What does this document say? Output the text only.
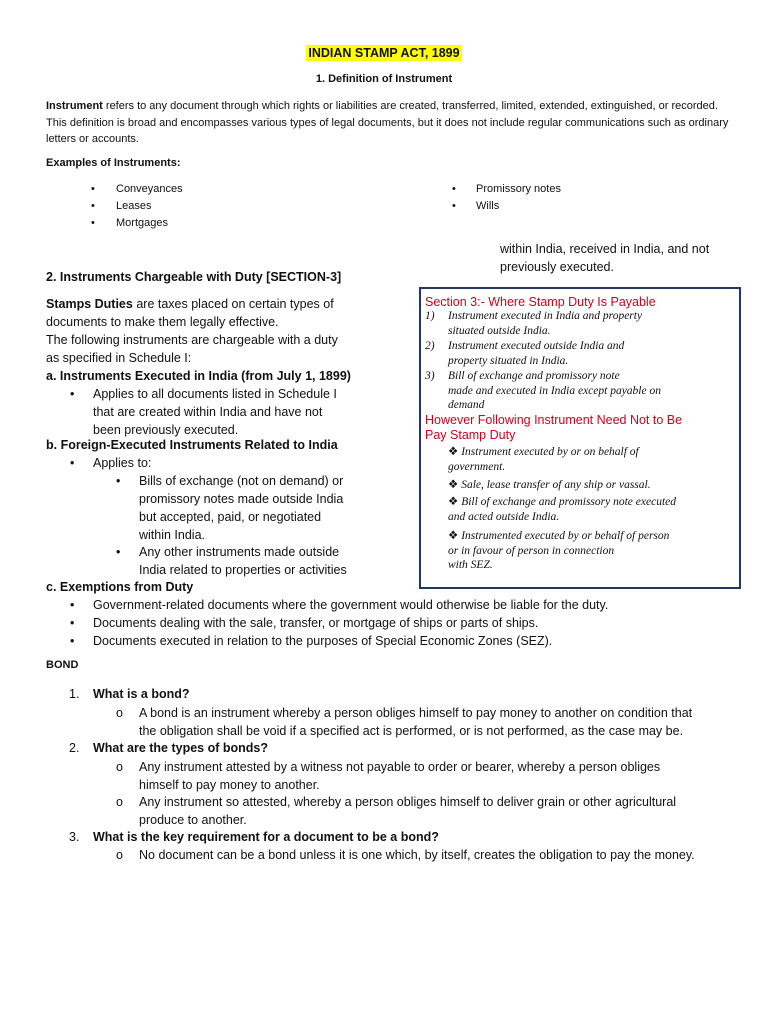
INDIAN STAMP ACT, 1899
1. Definition of Instrument
Instrument refers to any document through which rights or liabilities are created, transferred, limited, extended, extinguished, or recorded. This definition is broad and encompasses various types of legal documents, but it does not include regular communications such as ordinary letters or accounts.
Examples of Instruments:
• Conveyances
• Leases
• Mortgages
• Promissory notes
• Wills
within India, received in India, and not
previously executed.
2. Instruments Chargeable with Duty [SECTION-3]
Stamps Duties are taxes placed on certain types of
documents to make them legally effective.
The following instruments are chargeable with a duty
as specified in Schedule I:
a. Instruments Executed in India (from July 1, 1899)
• Applies to all documents listed in Schedule I
that are created within India and have not
been previously executed.
b. Foreign-Executed Instruments Related to India
• Applies to:
• Bills of exchange (not on demand) or
promissory notes made outside India
but accepted, paid, or negotiated
within India.
• Any other instruments made outside
India related to properties or activities
c. Exemptions from Duty
• Government-related documents where the government would otherwise be liable for the duty.
• Documents dealing with the sale, transfer, or mortgage of ships or parts of ships.
• Documents executed in relation to the purposes of Special Economic Zones (SEZ).
Section 3:- Where Stamp Duty Is Payable
1) Instrument executed in India and property
situated outside India.
2) Instrument executed outside India and
property situated in India.
3) Bill of exchange and promissory note
made and executed in India except payable on
demand
However Following Instrument Need Not to Be
Pay Stamp Duty
❖ Instrument executed by or on behalf of
government.
❖ Sale, lease transfer of any ship or vassal.
❖ Bill of exchange and promissory note executed
and acted outside India.
❖ Instrumented executed by or behalf of person
or in favour of person in connection
with SEZ.
BOND
1. What is a bond?
o A bond is an instrument whereby a person obliges himself to pay money to another on condition that
the obligation shall be void if a specified act is performed, or is not performed, as the case may be.
2. What are the types of bonds?
o Any instrument attested by a witness not payable to order or bearer, whereby a person obliges
himself to pay money to another.
o Any instrument so attested, whereby a person obliges himself to deliver grain or other agricultural
produce to another.
3. What is the key requirement for a document to be a bond?
o No document can be a bond unless it is one which, by itself, creates the obligation to pay the money.
